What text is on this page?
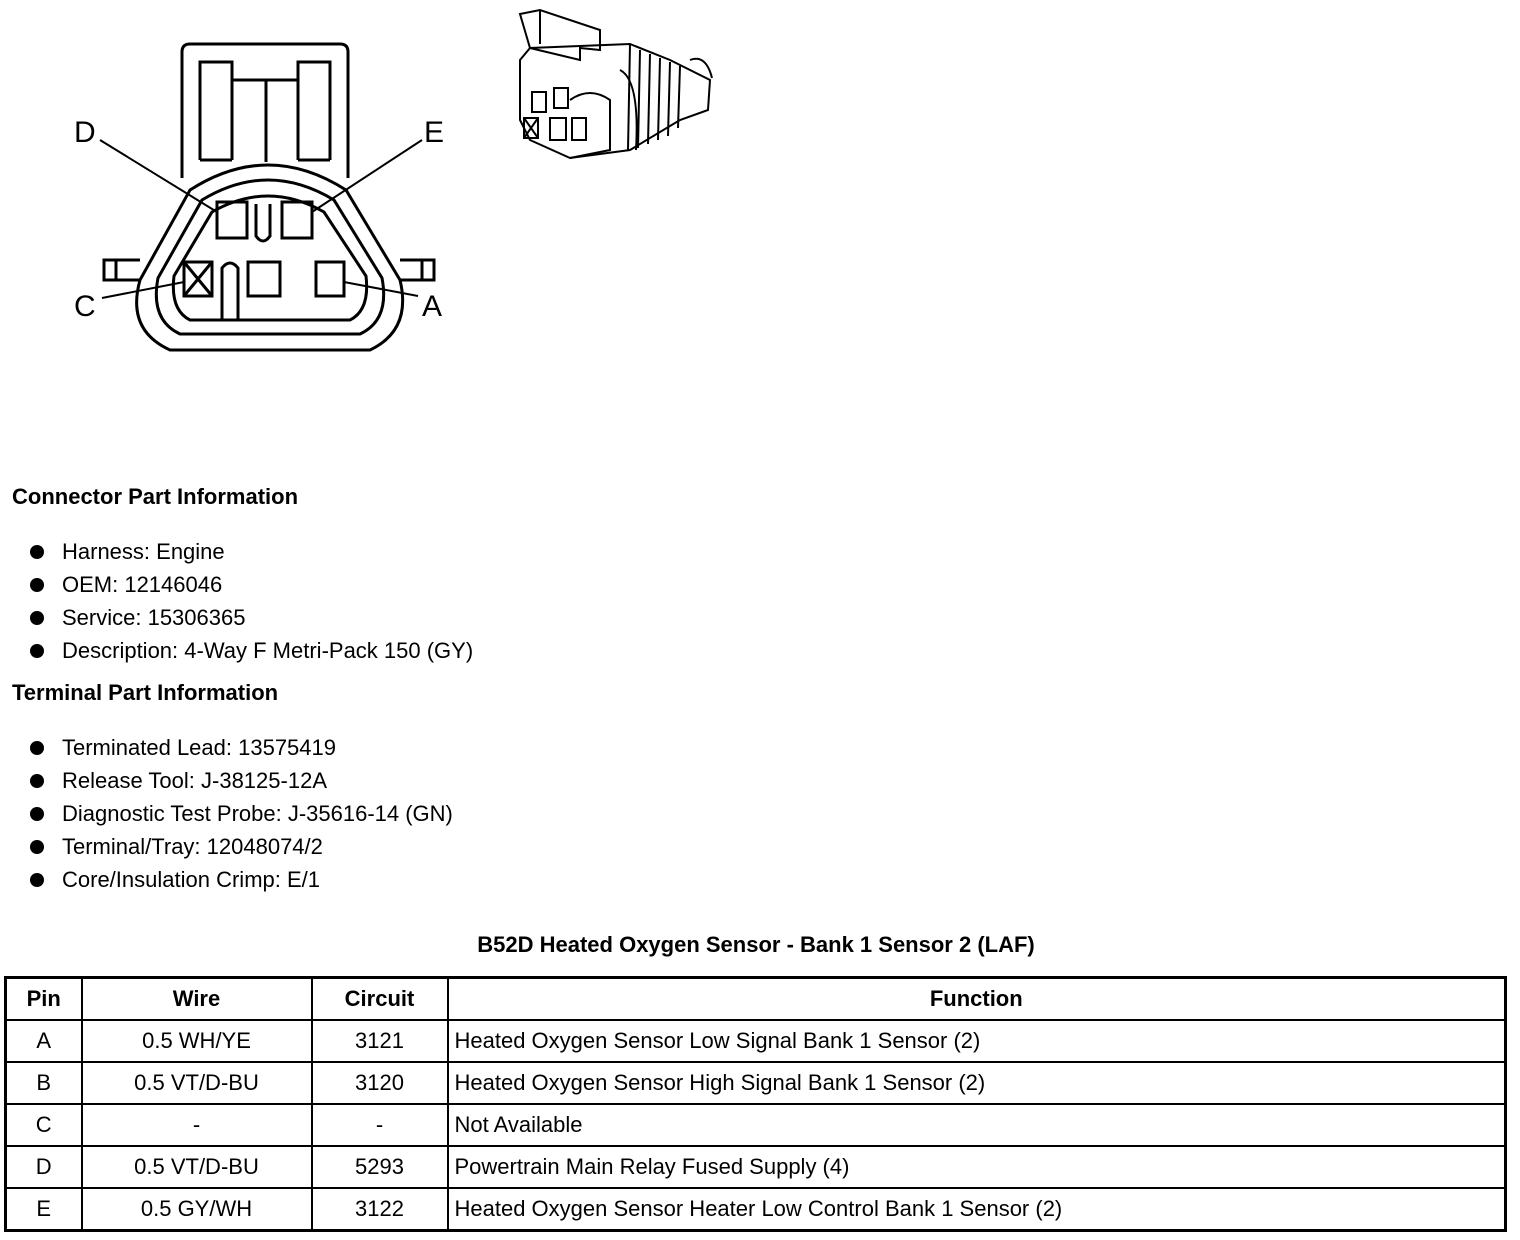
D	E
C	A
Connector Part Information
Harness: Engine
OEM: 12146046
Service: 15306365
Description: 4-Way F Metri-Pack 150 (GY)
Terminal Part Information
Terminated Lead: 13575419
Release Tool: J-38125-12A
Diagnostic Test Probe: J-35616-14 (GN)
Terminal/Tray: 12048074/2
Core/Insulation Crimp: E/1
B52D Heated Oxygen Sensor - Bank 1 Sensor 2 (LAF)
Pin	Wire	Circuit	Function
A	0.5 WH/YE	3121	Heated Oxygen Sensor Low Signal Bank 1 Sensor (2)
B	0.5 VT/D-BU	3120	Heated Oxygen Sensor High Signal Bank 1 Sensor (2)
C	-	-	Not Available
D	0.5 VT/D-BU	5293	Powertrain Main Relay Fused Supply (4)
E	0.5 GY/WH	3122	Heated Oxygen Sensor Heater Low Control Bank 1 Sensor (2)
